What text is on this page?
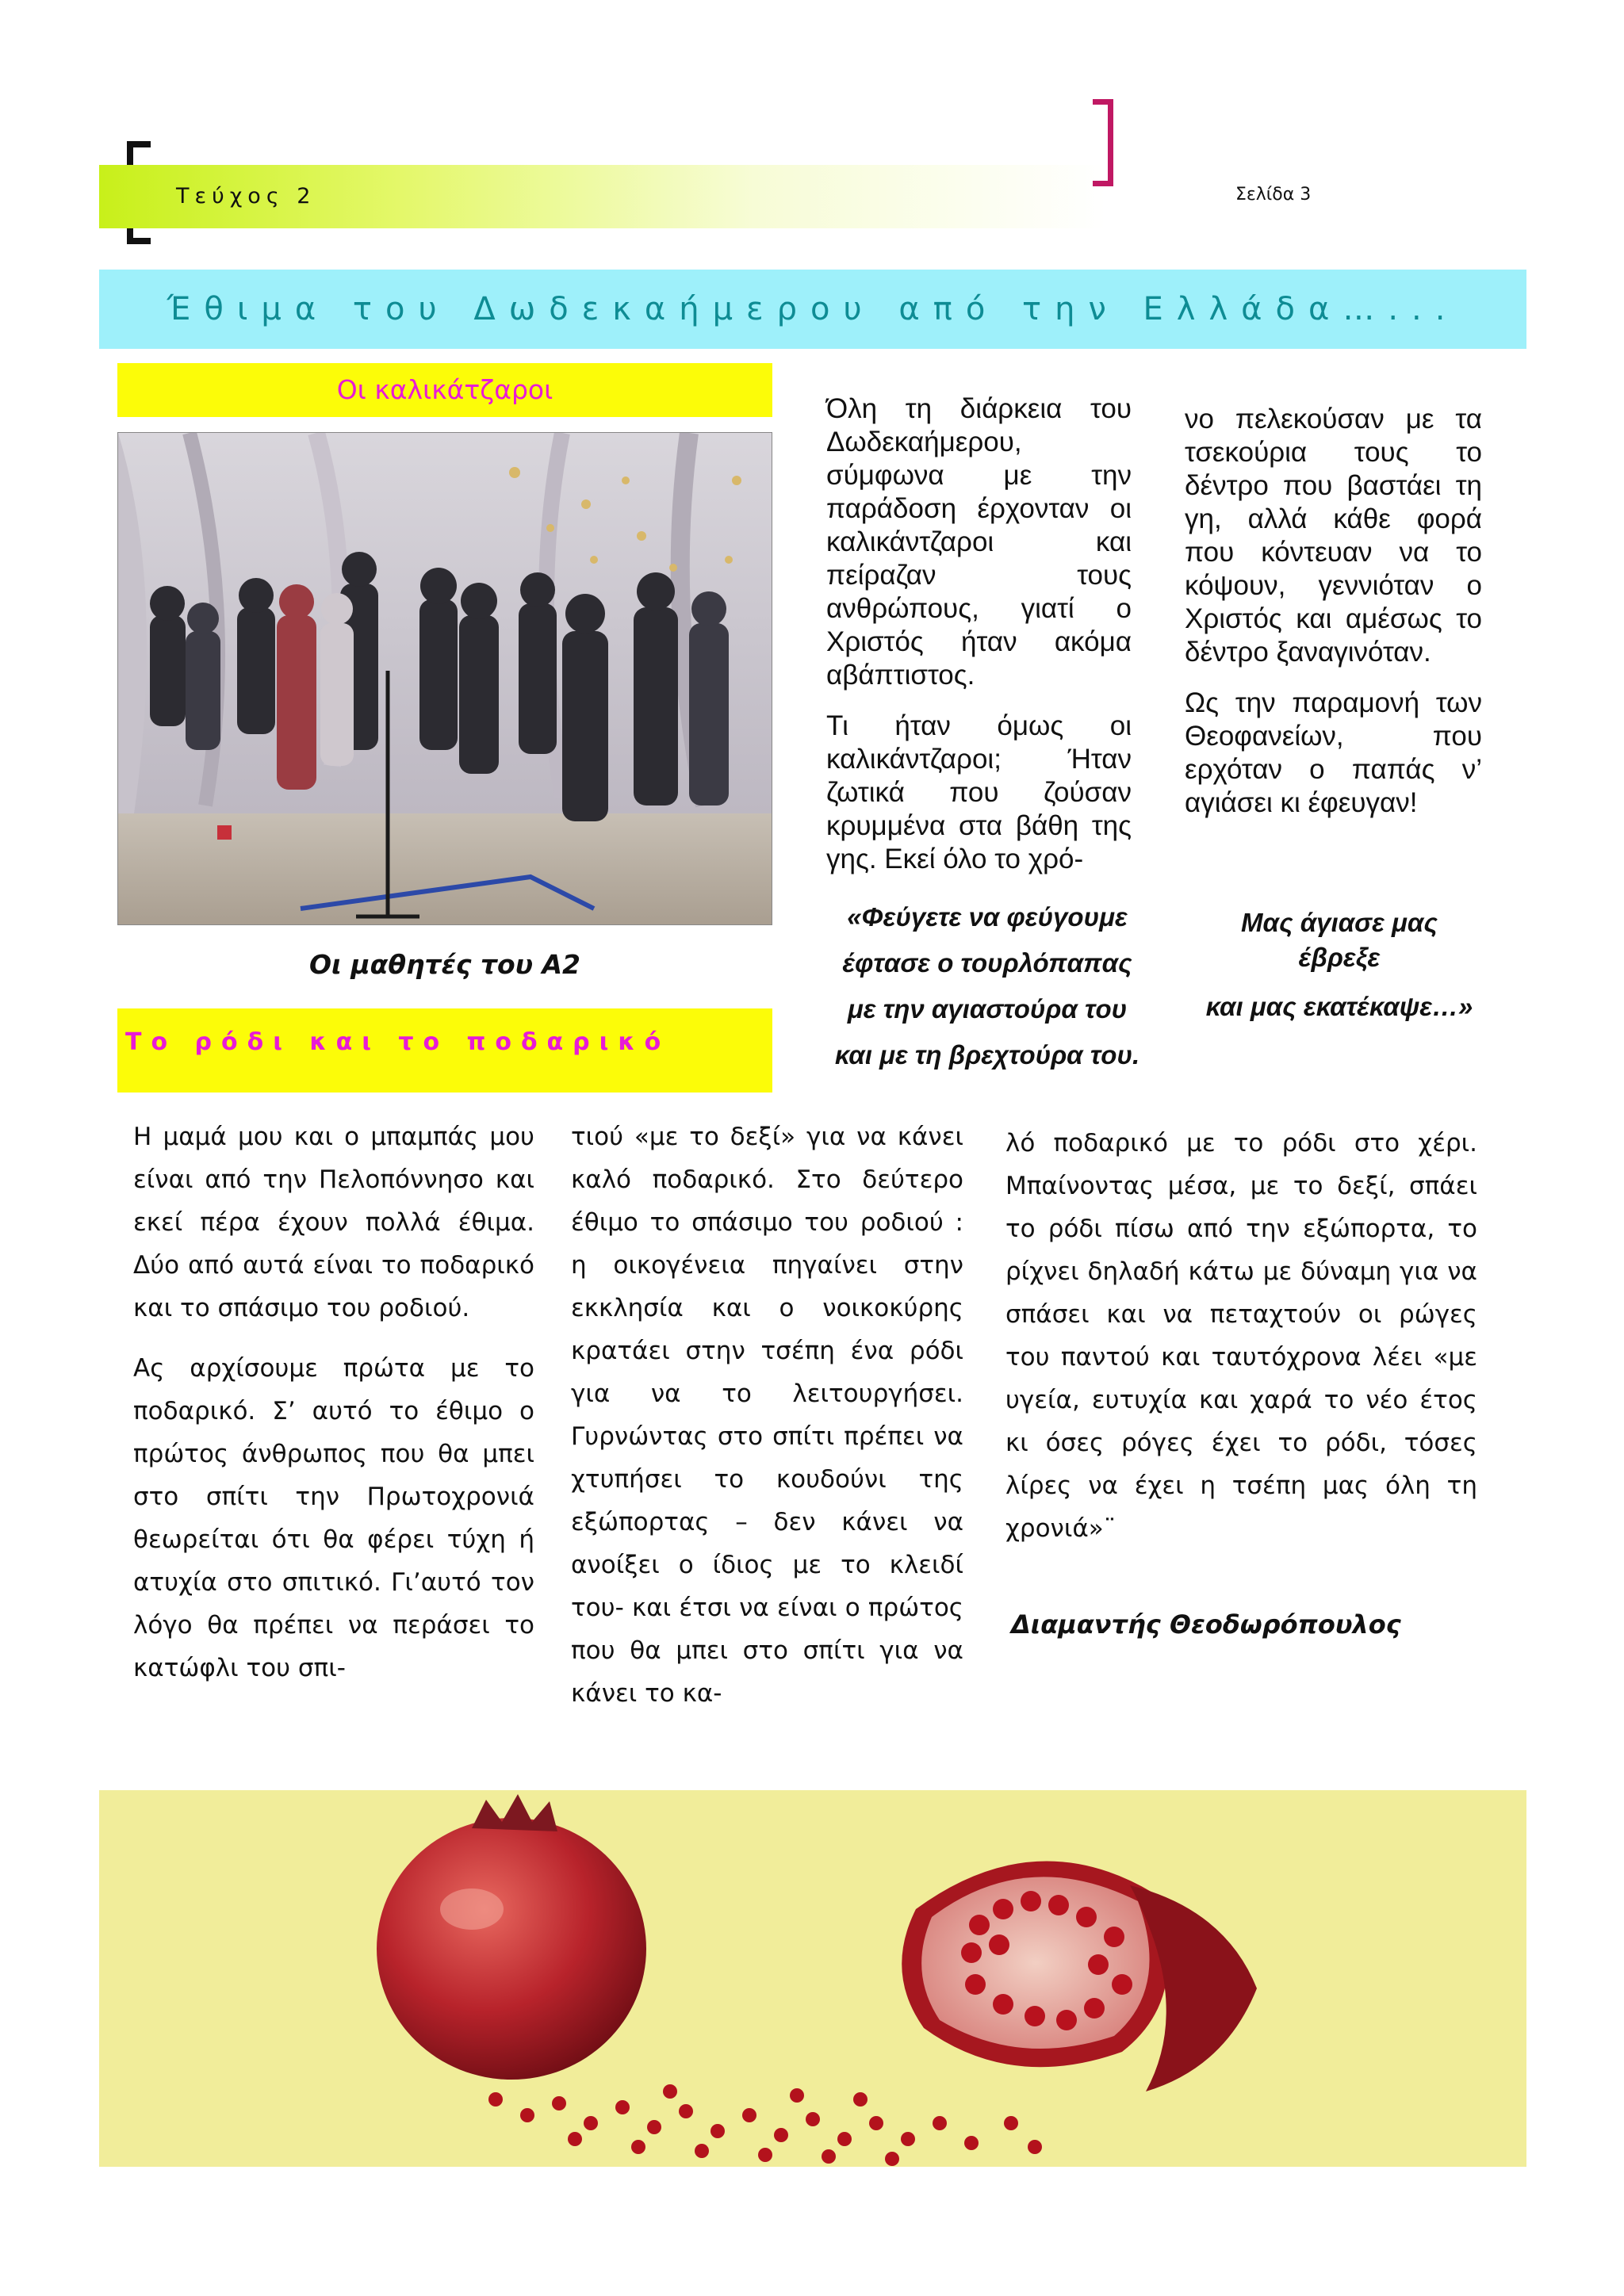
Τεύχος 2	Σελίδα 3
Έθιμα του Δωδεκαήμερου από την Ελλάδα…...
Οι καλικάτζαροι
Οι μαθητές του Α2

Όλη τη διάρκεια του Δωδεκαήμερου, σύμφωνα με την παράδοση έρχονταν οι καλικάντζαροι και πείραζαν τους ανθρώπους, γιατί ο Χριστός ήταν ακόμα αβάπτιστος.

Τι ήταν όμως οι καλικάντζαροι; Ήταν ζωτικά που ζούσαν κρυμμένα στα βάθη της γης. Εκεί όλο το χρό-

νο πελεκούσαν με τα τσεκούρια τους το δέντρο που βαστάει τη γη, αλλά κάθε φορά που κόντευαν να το κόψουν, γεννιόταν ο Χριστός και αμέσως το δέντρο ξαναγινόταν.

Ως την παραμονή των Θεοφανείων, που ερχόταν ο παπάς ν’ αγιάσει κι έφευγαν!

«Φεύγετε να φεύγουμε
έφτασε ο τουρλόπαπας
με την αγιαστούρα του
και με τη βρεχτούρα του.
Μας άγιασε μας
έβρεξε
και μας εκατέκαψε…»
Το ρόδι και το ποδαρικό

Η μαμά μου και ο μπαμπάς μου είναι από την Πελοπόννησο και εκεί πέρα έχουν πολλά έθιμα. Δύο από αυτά είναι το ποδαρικό και το σπάσιμο του ροδιού.

Ας αρχίσουμε πρώτα με το ποδαρικό. Σ’ αυτό το έθιμο ο πρώτος άνθρωπος που θα μπει στο σπίτι την Πρωτοχρονιά θεωρείται ότι θα φέρει τύχη ή ατυχία στο σπιτικό. Γι’αυτό τον λόγο θα πρέπει να περάσει το κατώφλι του σπι-

τιού «με το δεξί» για να κάνει καλό ποδαρικό. Στο δεύτερο έθιμο το σπάσιμο του ροδιού : η οικογένεια πηγαίνει στην εκκλησία και ο νοικοκύρης κρατάει στην τσέπη ένα ρόδι για να το λειτουργήσει. Γυρνώντας στο σπίτι πρέπει να χτυπήσει το κουδούνι της εξώπορτας – δεν κάνει να ανοίξει ο ίδιος με το κλειδί του- και έτσι να είναι ο πρώτος που θα μπει στο σπίτι για να κάνει το κα-

λό ποδαρικό με το ρόδι στο χέρι. Μπαίνοντας μέσα, με το δεξί, σπάει το ρόδι πίσω από την εξώπορτα, το ρίχνει δηλαδή κάτω με δύναμη για να σπάσει και να πεταχτούν οι ρώγες του παντού και ταυτόχρονα λέει «με υγεία, ευτυχία και χαρά το νέο έτος κι όσες ρόγες έχει το ρόδι, τόσες λίρες να έχει η τσέπη μας όλη τη χρονιά»¨

Διαμαντής Θεοδωρόπουλος
